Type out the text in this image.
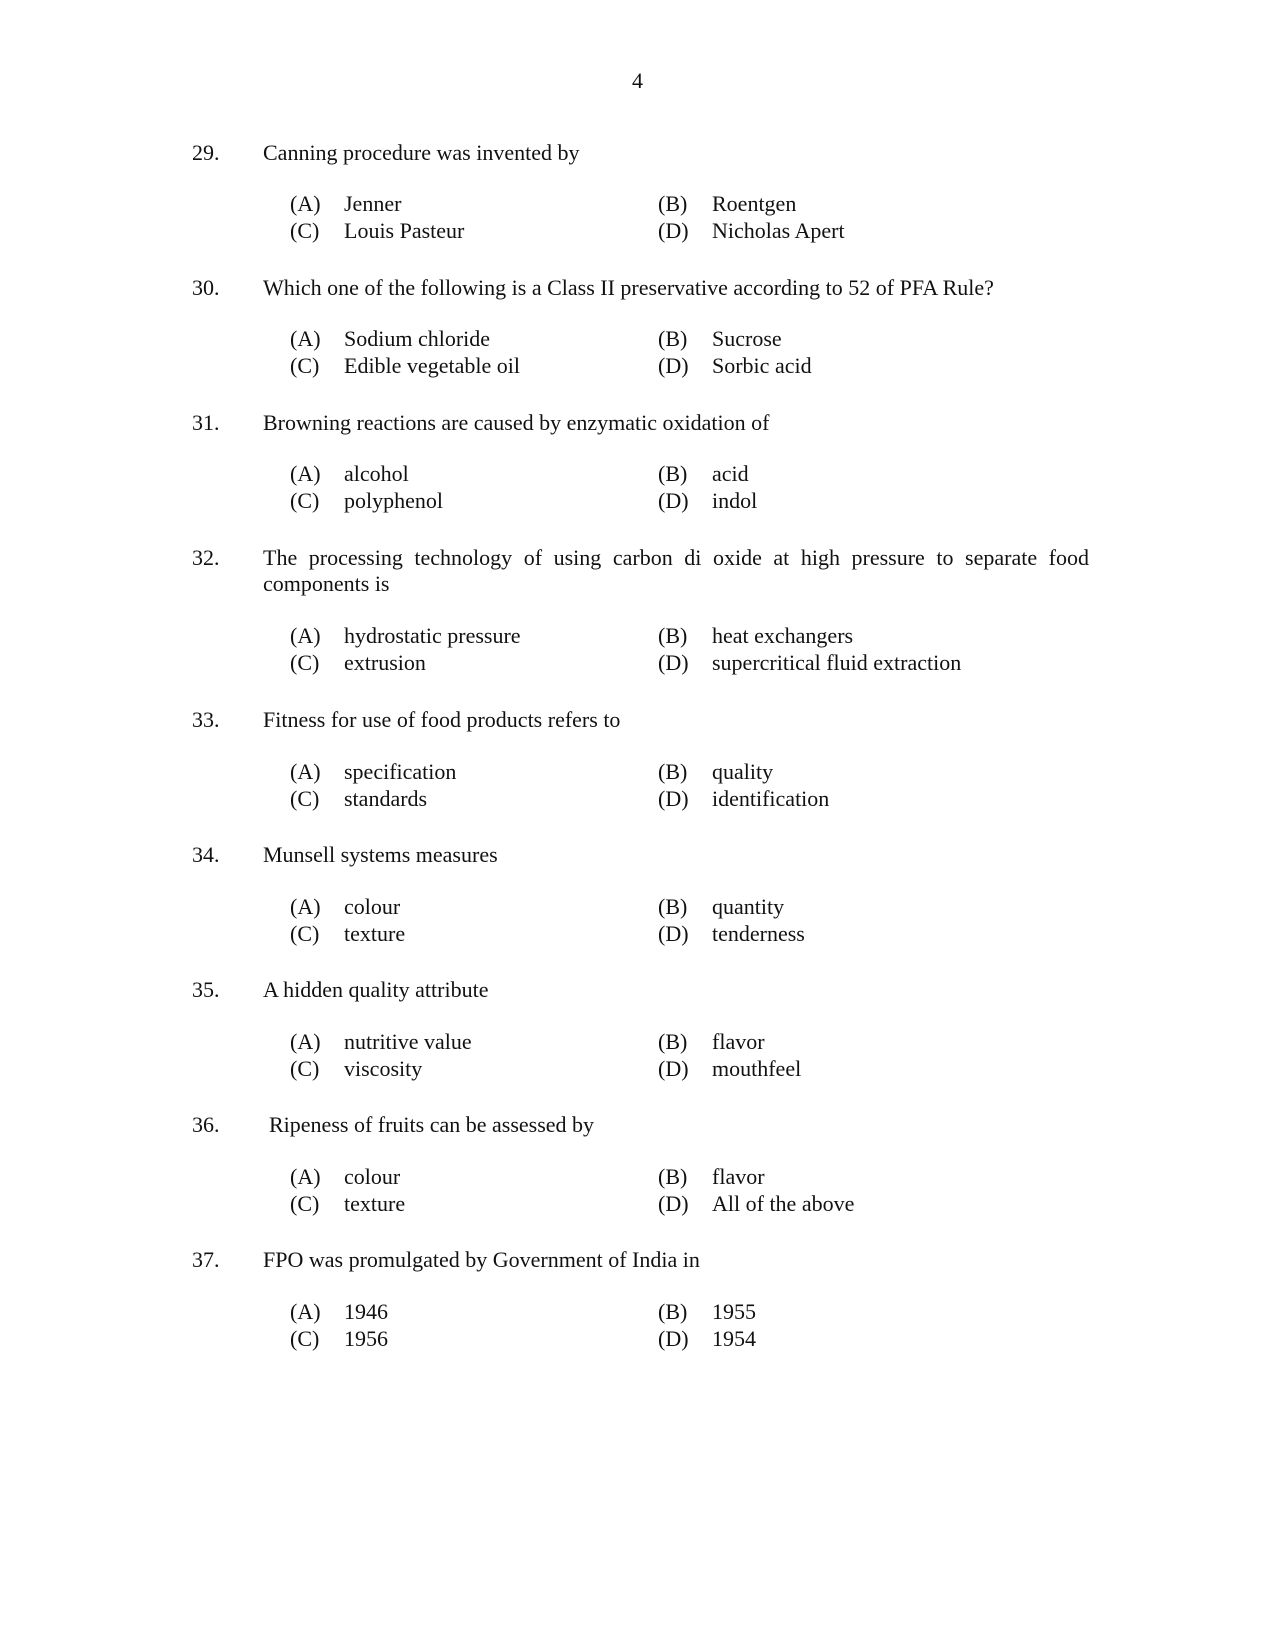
4
29. Canning procedure was invented by
(A) Jenner	(B) Roentgen
(C) Louis Pasteur	(D) Nicholas Apert
30. Which one of the following is a Class II preservative according to 52 of PFA Rule?
(A) Sodium chloride	(B) Sucrose
(C) Edible vegetable oil	(D) Sorbic acid
31. Browning reactions are caused by enzymatic oxidation of
(A) alcohol	(B) acid
(C) polyphenol	(D) indol
32. The processing technology of using carbon di oxide at high pressure to separate food components is
(A) hydrostatic pressure	(B) heat exchangers
(C) extrusion	(D) supercritical fluid extraction
33. Fitness for use of food products refers to
(A) specification	(B) quality
(C) standards	(D) identification
34. Munsell systems measures
(A) colour	(B) quantity
(C) texture	(D) tenderness
35. A hidden quality attribute
(A) nutritive value	(B) flavor
(C) viscosity	(D) mouthfeel
36. Ripeness of fruits can be assessed by
(A) colour	(B) flavor
(C) texture	(D) All of the above
37. FPO was promulgated by Government of India in
(A) 1946	(B) 1955
(C) 1956	(D) 1954
